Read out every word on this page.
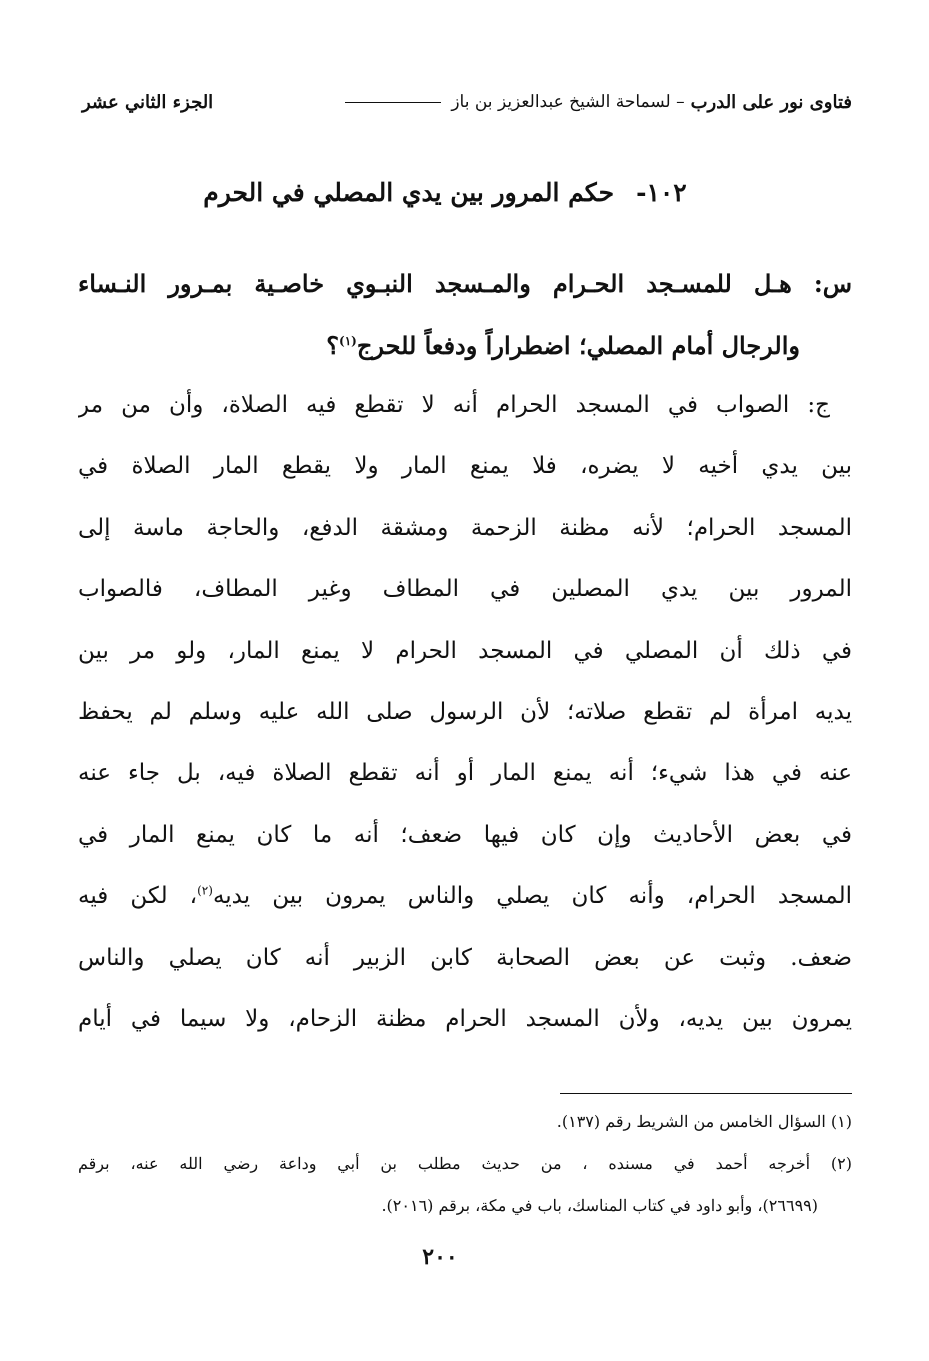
فتاوى نور على الدرب
– لسماحة الشيخ عبدالعزيز بن باز
الجزء الثاني عشر
١٠٢-حكم المرور بين يدي المصلي في الحرم
س: هـل للمسـجد الحـرام والمـسجد النبـوي خاصـية بمـرور النـساء
والرجال أمام المصلي؛ اضطراراً ودفعاً للحرج$^{(١)}$؟
ج: الصواب في المسجد الحرام أنه لا تقطع فيه الصلاة، وأن من مر
بين يدي أخيه لا يضره، فلا يمنع المار ولا يقطع المار الصلاة في
المسجد الحرام؛ لأنه مظنة الزحمة ومشقة الدفع، والحاجة ماسة إلى
المرور بين يدي المصلين في المطاف وغير المطاف، فالصواب
في ذلك أن المصلي في المسجد الحرام لا يمنع المار، ولو مر بين
يديه امرأة لم تقطع صلاته؛ لأن الرسول صلى الله عليه وسلم لم يحفظ
عنه في هذا شيء؛ أنه يمنع المار أو أنه تقطع الصلاة فيه، بل جاء عنه
في بعض الأحاديث وإن كان فيها ضعف؛ أنه ما كان يمنع المار في
المسجد الحرام، وأنه كان يصلي والناس يمرون بين يديه$^{(٢)}$، لكن فيه
ضعف. وثبت عن بعض الصحابة كابن الزبير أنه كان يصلي والناس
يمرون بين يديه، ولأن المسجد الحرام مظنة الزحام، ولا سيما في أيام
(١) السؤال الخامس من الشريط رقم (١٣٧).
(٢) أخرجه أحمد في مسنده ، من حديث مطلب بن أبي وداعة رضي الله عنه، برقم
(٢٦٦٩٩)، وأبو داود في كتاب المناسك، باب في مكة، برقم (٢٠١٦).
٢٠٠
